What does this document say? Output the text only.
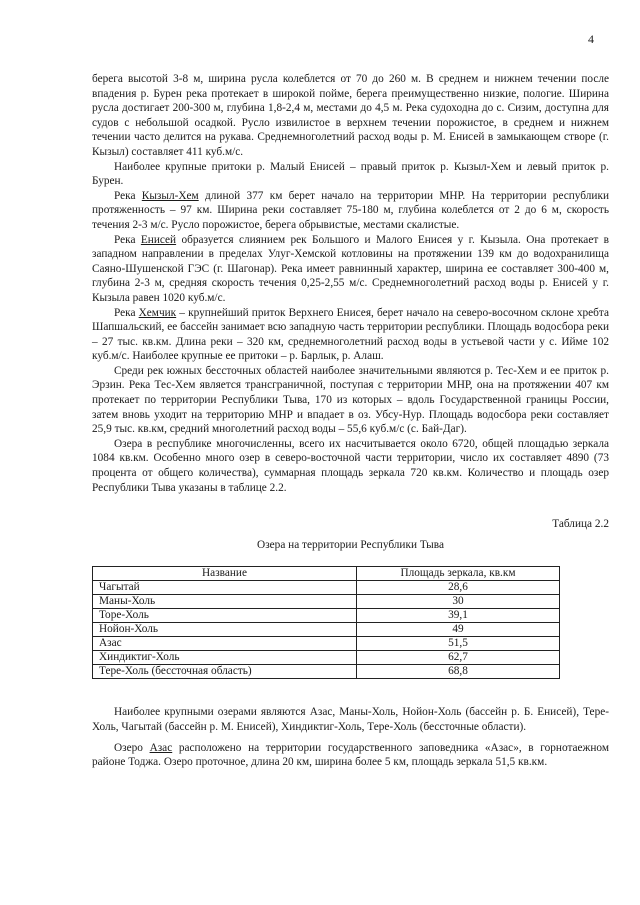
4

берега высотой 3-8 м, ширина русла колеблется от 70 до 260 м. В среднем и нижнем течении после впадения р. Бурен река протекает в широкой пойме, берега преимущественно низкие, пологие. Ширина русла достигает 200-300 м, глубина 1,8-2,4 м, местами до 4,5 м. Река судоходна до с. Сизим, доступна для судов с небольшой осадкой. Русло извилистое в верхнем течении порожистое, в среднем и нижнем течении часто делится на рукава. Среднемноголетний расход воды р. М. Енисей в замыкающем створе (г. Кызыл) составляет 411 куб.м/с.

Наиболее крупные притоки р. Малый Енисей – правый приток р. Кызыл-Хем и левый приток р. Бурен.

Река Кызыл-Хем длиной 377 км берет начало на территории МНР. На территории республики протяженность – 97 км. Ширина реки составляет 75-180 м, глубина колеблется от 2 до 6 м, скорость течения 2-3 м/с. Русло порожистое, берега обрывистые, местами скалистые.

Река Енисей образуется слиянием рек Большого и Малого Енисея у г. Кызыла. Она протекает в западном направлении в пределах Улуг-Хемской котловины на протяжении 139 км до водохранилища Саяно-Шушенской ГЭС (г. Шагонар). Река имеет равнинный характер, ширина ее составляет 300-400 м, глубина 2-3 м, средняя скорость течения 0,25-2,55 м/с. Среднемноголетний расход воды р. Енисей у г. Кызыла равен 1020 куб.м/с.

Река Хемчик – крупнейший приток Верхнего Енисея, берет начало на северо-восочном склоне хребта Шапшальский, ее бассейн занимает всю западную часть территории республики. Площадь водосбора реки – 27 тыс. кв.км. Длина реки – 320 км, среднемноголетний расход воды в устьевой части у с. Ийме 102 куб.м/с. Наиболее крупные ее притоки – р. Барлык, р. Алаш.

Среди рек южных бессточных областей наиболее значительными являются р. Тес-Хем и ее приток р. Эрзин. Река Тес-Хем является трансграничной, поступая с территории МНР, она на протяжении 407 км протекает по территории Республики Тыва, 170 из которых – вдоль Государственной границы России, затем вновь уходит на территорию МНР и впадает в оз. Убсу-Нур. Площадь водосбора реки составляет 25,9 тыс. кв.км, средний многолетний расход воды – 55,6 куб.м/с (с. Бай-Даг).

Озера в республике многочисленны, всего их насчитывается около 6720, общей площадью зеркала 1084 кв.км. Особенно много озер в северо-восточной части территории, число их составляет 4890 (73 процента от общего количества), суммарная площадь зеркала 720 кв.км. Количество и площадь озер Республики Тыва указаны в таблице 2.2.

Таблица 2.2
Озера на территории Республики Тыва
Название	Площадь зеркала, кв.км
Чагытай	28,6
Маны-Холь	30
Торе-Холь	39,1
Нойон-Холь	49
Азас	51,5
Хиндиктиг-Холь	62,7
Тере-Холь (бессточная область)	68,8

Наиболее крупными озерами являются Азас, Маны-Холь, Нойон-Холь (бассейн р. Б. Енисей), Тере-Холь, Чагытай (бассейн р. М. Енисей), Хиндиктиг-Холь, Тере-Холь (бессточные области).

Озеро Азас расположено на территории государственного заповедника «Азас», в горнотаежном районе Тоджа. Озеро проточное, длина 20 км, ширина более 5 км, площадь зеркала 51,5 кв.км.
